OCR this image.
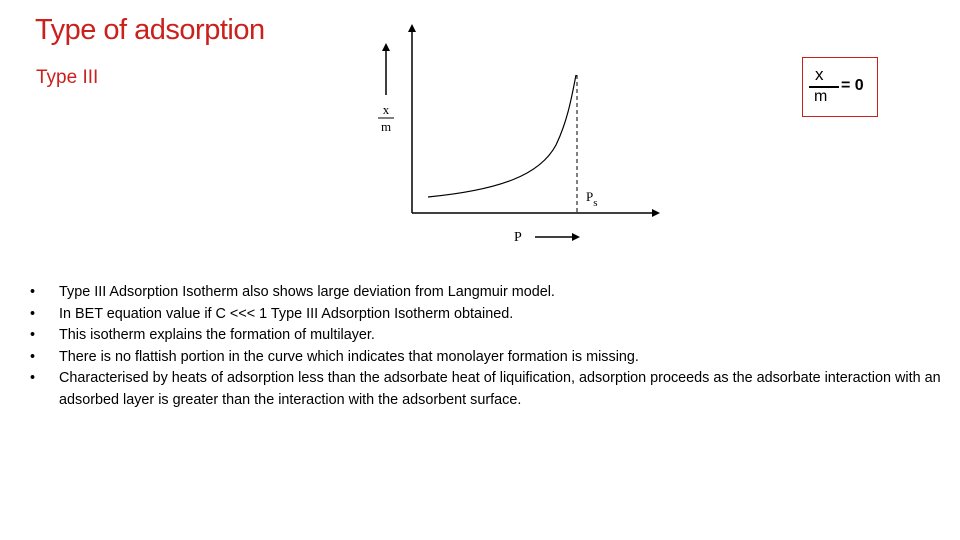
Type of adsorption
Type III
x
m
$P_s$
P
x
m
= 0
•	Type III Adsorption Isotherm also shows large deviation from Langmuir model.
•	In BET equation value if C <<< 1 Type III Adsorption Isotherm obtained.
•	This isotherm explains the formation of multilayer.
•	There is no flattish portion in the curve which indicates that monolayer formation is missing.
•	Characterised by heats of adsorption less than the adsorbate heat of liquification, adsorption proceeds as the adsorbate interaction with an adsorbed layer is greater than the interaction with the adsorbent surface.
